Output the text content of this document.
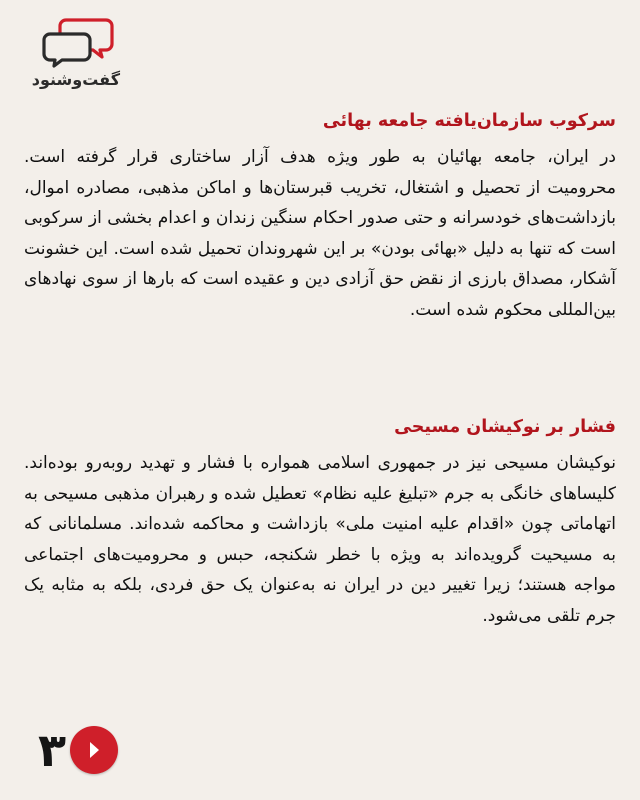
گفت‌وشنود
سرکوب سازمان‌یافته جامعه بهائی

در ایران، جامعه بهائیان به طور ویژه هدف آزار ساختاری قرار گرفته است. محرومیت از تحصیل و اشتغال، تخریب قبرستان‌ها و اماکن مذهبی، مصادره اموال، بازداشت‌های خودسرانه و حتی صدور احکام سنگین زندان و اعدام بخشی از سرکوبی است که تنها به دلیل «بهائی بودن» بر این شهروندان تحمیل شده است. این خشونت آشکار، مصداق بارزی از نقض حق آزادی دین و عقیده است که بارها از سوی نهادهای بین‌المللی محکوم شده است.

فشار بر نوکیشان مسیحی

نوکیشان مسیحی نیز در جمهوری اسلامی همواره با فشار و تهدید روبه‌رو بوده‌اند. کلیساهای خانگی به جرم «تبلیغ علیه نظام» تعطیل شده و رهبران مذهبی مسیحی به اتهاماتی چون «اقدام علیه امنیت ملی» بازداشت و محاکمه شده‌اند. مسلمانانی که به مسیحیت گرویده‌اند به ویژه با خطر شکنجه، حبس و محرومیت‌های اجتماعی مواجه هستند؛ زیرا تغییر دین در ایران نه به‌عنوان یک حق فردی، بلکه به مثابه یک جرم تلقی می‌شود.

۳
